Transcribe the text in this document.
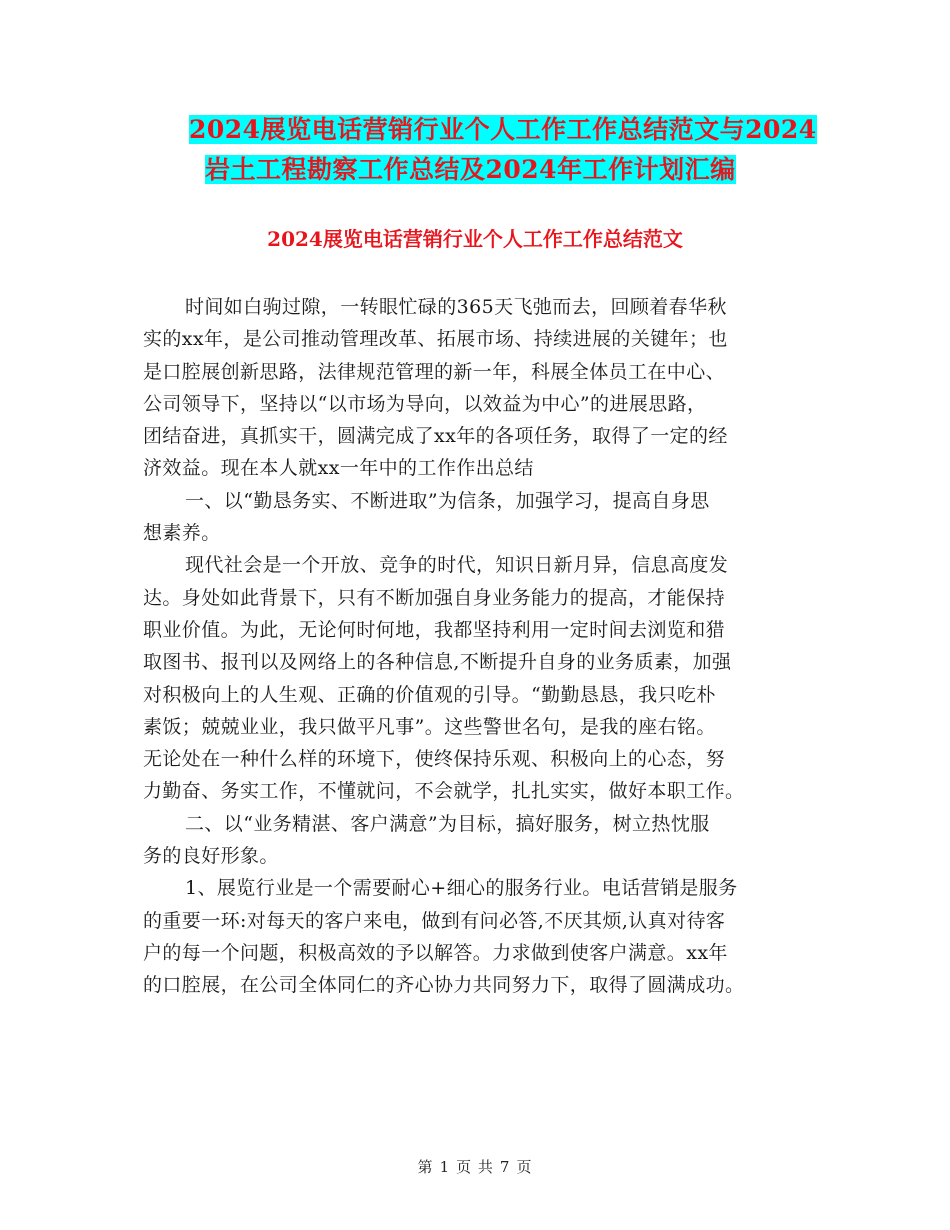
2024展览电话营销行业个人工作工作总结范文与2024
岩土工程勘察工作总结及2024年工作计划汇编
2024展览电话营销行业个人工作工作总结范文

时间如白驹过隙，一转眼忙碌的365天飞弛而去，回顾着春华秋
实的xx年，是公司推动管理改革、拓展市场、持续进展的关键年；也
是口腔展创新思路，法律规范管理的新一年，科展全体员工在中心、
公司领导下，坚持以“以市场为导向，以效益为中心”的进展思路，
团结奋进，真抓实干，圆满完成了xx年的各项任务，取得了一定的经
济效益。现在本人就xx一年中的工作作出总结

一、以“勤恳务实、不断进取”为信条，加强学习，提高自身思
想素养。

现代社会是一个开放、竞争的时代，知识日新月异，信息高度发
达。身处如此背景下，只有不断加强自身业务能力的提高，才能保持
职业价值。为此，无论何时何地，我都坚持利用一定时间去浏览和猎
取图书、报刊以及网络上的各种信息,不断提升自身的业务质素，加强
对积极向上的人生观、正确的价值观的引导。“勤勤恳恳，我只吃朴
素饭；兢兢业业，我只做平凡事”。这些警世名句，是我的座右铭。
无论处在一种什么样的环境下，使终保持乐观、积极向上的心态，努
力勤奋、务实工作，不懂就问，不会就学，扎扎实实，做好本职工作。

二、以“业务精湛、客户满意”为目标，搞好服务，树立热忱服
务的良好形象。

1、展览行业是一个需要耐心+细心的服务行业。电话营销是服务
的重要一环:对每天的客户来电，做到有问必答,不厌其烦,认真对待客
户的每一个问题，积极高效的予以解答。力求做到使客户满意。xx年
的口腔展，在公司全体同仁的齐心协力共同努力下，取得了圆满成功。

第 1 页 共 7 页
